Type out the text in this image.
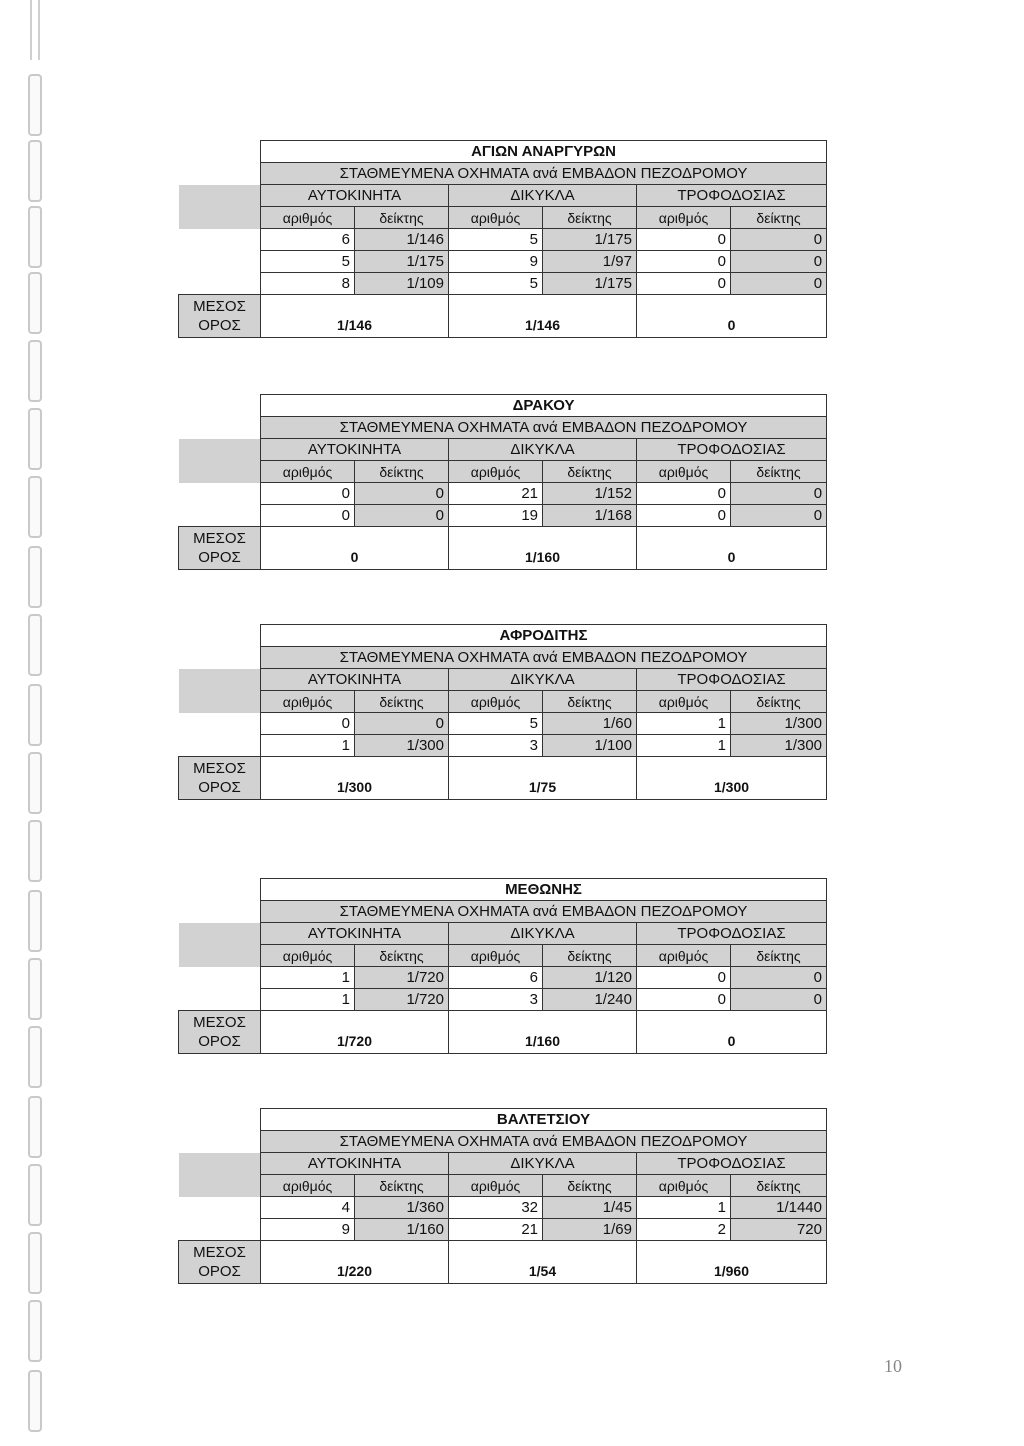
	ΑΓΙΩΝ ΑΝΑΡΓΥΡΩΝ					
	ΣΤΑΘΜΕΥΜΕΝΑ ΟΧΗΜΑΤΑ ανά ΕΜΒΑΔΟΝ ΠΕΖΟΔΡΟΜΟΥ					
	ΑΥΤΟΚΙΝΗΤΑ		ΔΙΚΥΚΛΑ		ΤΡΟΦΟΔΟΣΙΑΣ	
	αριθμός	δείκτης	αριθμός	δείκτης	αριθμός	δείκτης
	6	1/146	5	1/175	0	0
	5	1/175	9	1/97	0	0
	8	1/109	5	1/175	0	0
ΜΕΣΟΣ
ΟΡΟΣ	1/146		1/146		0	
	ΔΡΑΚΟΥ					
	ΣΤΑΘΜΕΥΜΕΝΑ ΟΧΗΜΑΤΑ ανά ΕΜΒΑΔΟΝ ΠΕΖΟΔΡΟΜΟΥ					
	ΑΥΤΟΚΙΝΗΤΑ		ΔΙΚΥΚΛΑ		ΤΡΟΦΟΔΟΣΙΑΣ	
	αριθμός	δείκτης	αριθμός	δείκτης	αριθμός	δείκτης
	0	0	21	1/152	0	0
	0	0	19	1/168	0	0
ΜΕΣΟΣ
ΟΡΟΣ	0		1/160		0	
	ΑΦΡΟΔΙΤΗΣ					
	ΣΤΑΘΜΕΥΜΕΝΑ ΟΧΗΜΑΤΑ ανά ΕΜΒΑΔΟΝ ΠΕΖΟΔΡΟΜΟΥ					
	ΑΥΤΟΚΙΝΗΤΑ		ΔΙΚΥΚΛΑ		ΤΡΟΦΟΔΟΣΙΑΣ	
	αριθμός	δείκτης	αριθμός	δείκτης	αριθμός	δείκτης
	0	0	5	1/60	1	1/300
	1	1/300	3	1/100	1	1/300
ΜΕΣΟΣ
ΟΡΟΣ	1/300		1/75		1/300	
	ΜΕΘΩΝΗΣ					
	ΣΤΑΘΜΕΥΜΕΝΑ ΟΧΗΜΑΤΑ ανά ΕΜΒΑΔΟΝ ΠΕΖΟΔΡΟΜΟΥ					
	ΑΥΤΟΚΙΝΗΤΑ		ΔΙΚΥΚΛΑ		ΤΡΟΦΟΔΟΣΙΑΣ	
	αριθμός	δείκτης	αριθμός	δείκτης	αριθμός	δείκτης
	1	1/720	6	1/120	0	0
	1	1/720	3	1/240	0	0
ΜΕΣΟΣ
ΟΡΟΣ	1/720		1/160		0	
	ΒΑΛΤΕΤΣΙΟΥ					
	ΣΤΑΘΜΕΥΜΕΝΑ ΟΧΗΜΑΤΑ ανά ΕΜΒΑΔΟΝ ΠΕΖΟΔΡΟΜΟΥ					
	ΑΥΤΟΚΙΝΗΤΑ		ΔΙΚΥΚΛΑ		ΤΡΟΦΟΔΟΣΙΑΣ	
	αριθμός	δείκτης	αριθμός	δείκτης	αριθμός	δείκτης
	4	1/360	32	1/45	1	1/1440
	9	1/160	21	1/69	2	720
ΜΕΣΟΣ
ΟΡΟΣ	1/220		1/54		1/960	
10
